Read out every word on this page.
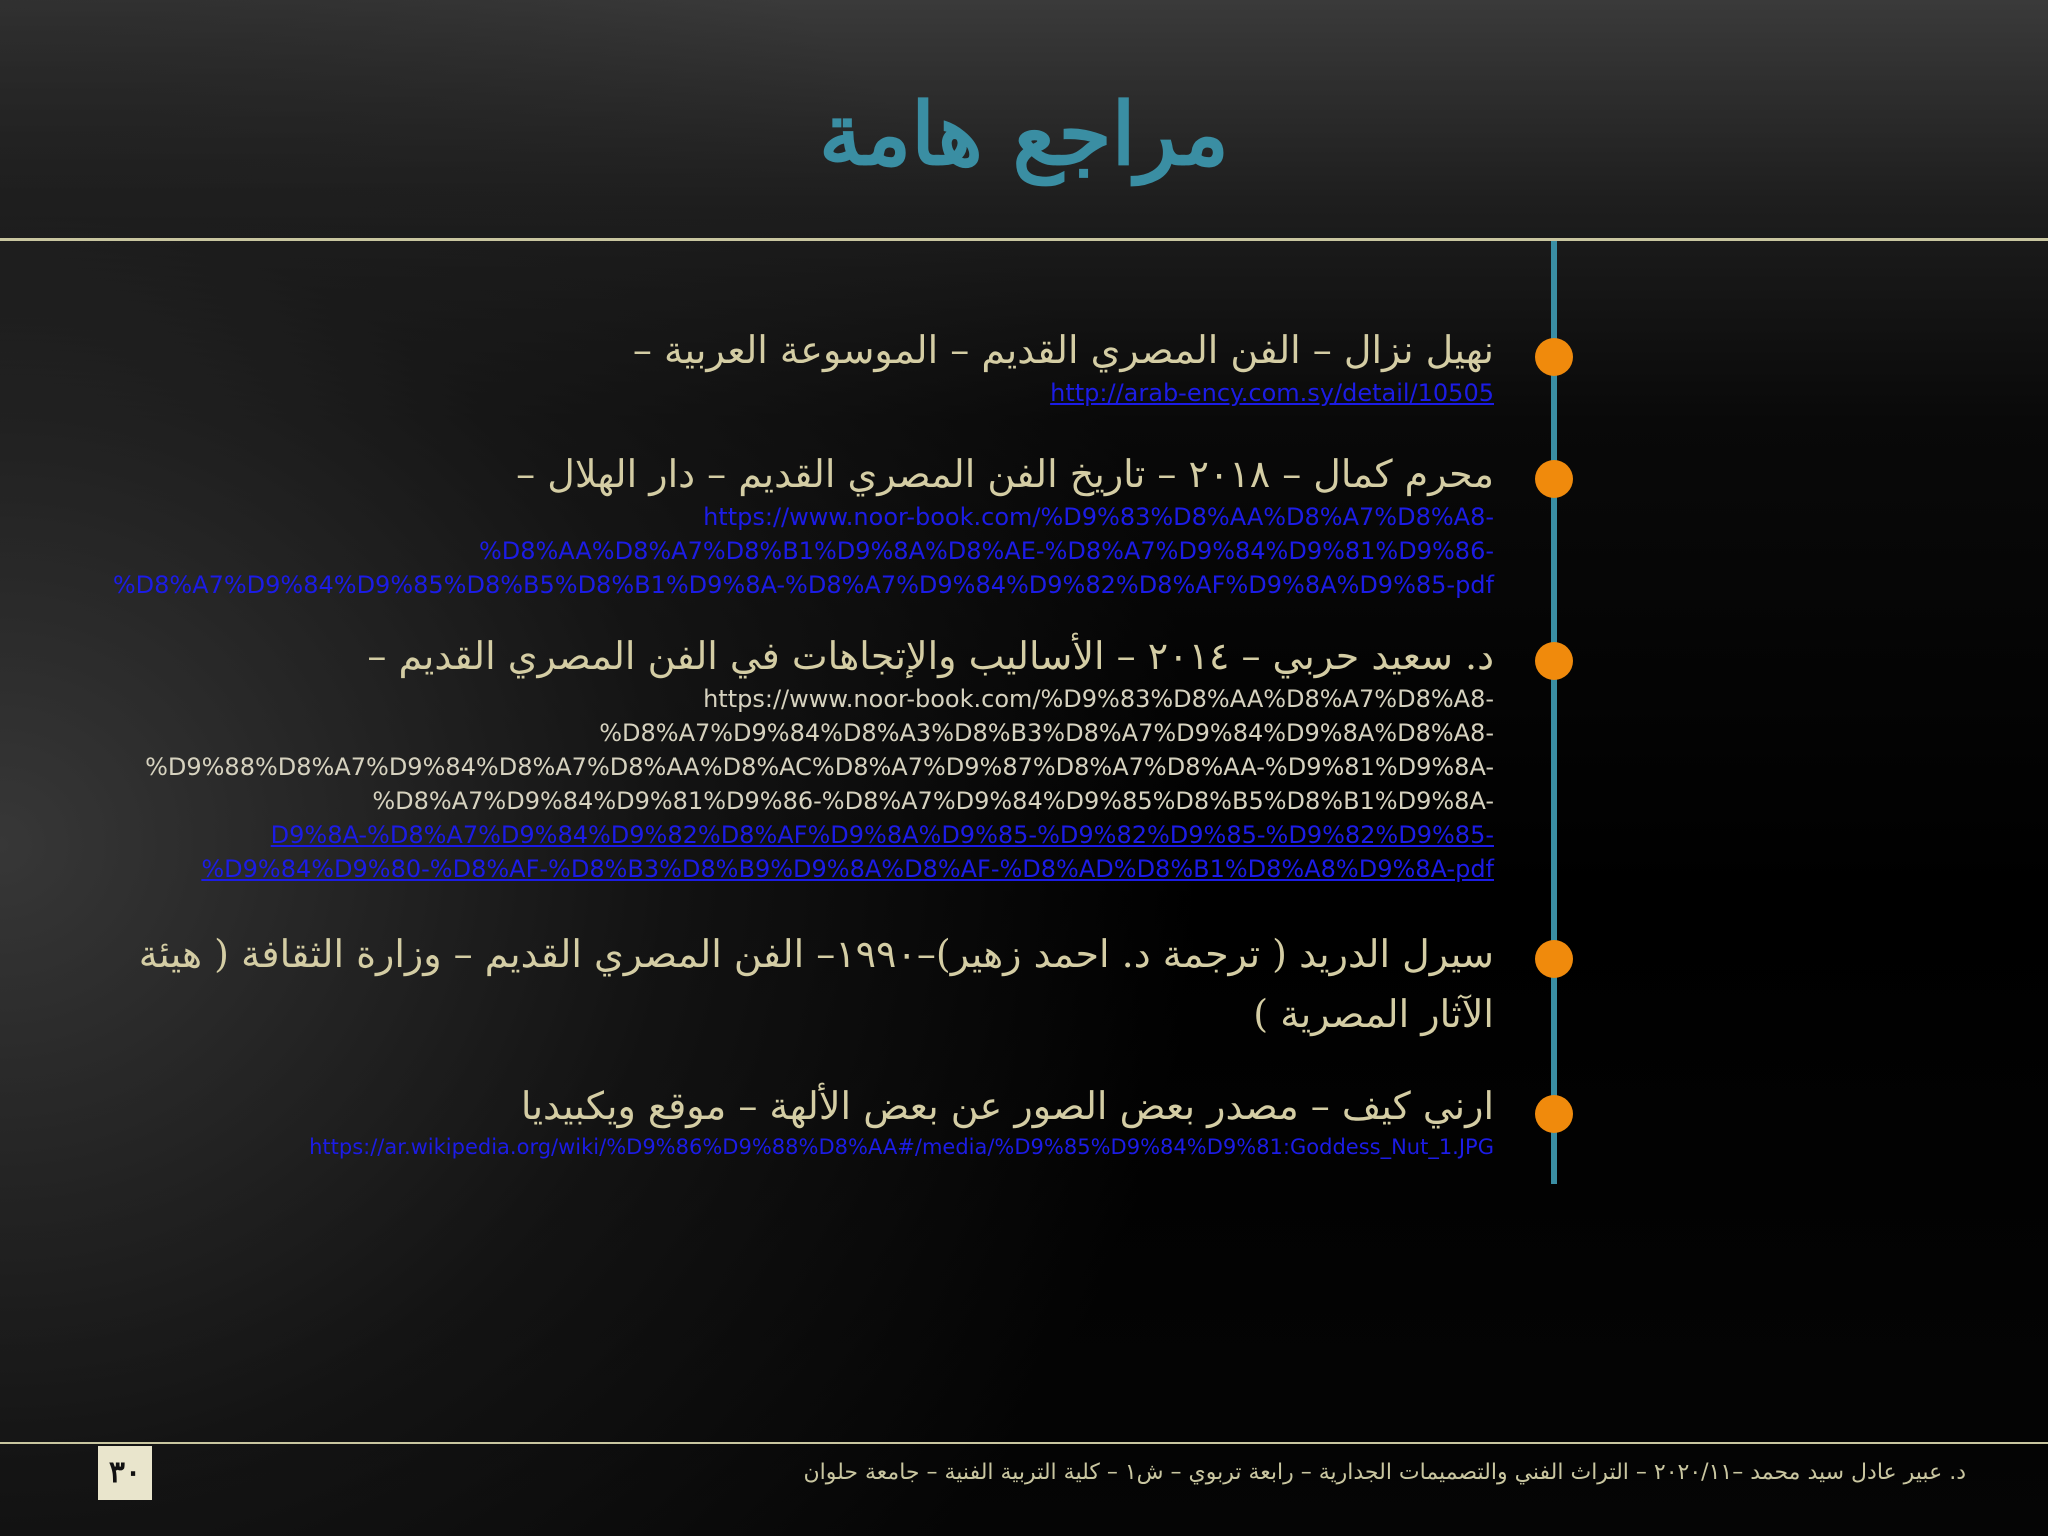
مراجع هامة
نهيل نزال – الفن المصري القديم – الموسوعة العربية –
http://arab-ency.com.sy/detail/10505
محرم كمال – ٢٠١٨ – تاريخ الفن المصري القديم – دار الهلال –
https://www.noor-book.com/%D9%83%D8%AA%D8%A7%D8%A8-
%D8%AA%D8%A7%D8%B1%D9%8A%D8%AE-%D8%A7%D9%84%D9%81%D9%86-
%D8%A7%D9%84%D9%85%D8%B5%D8%B1%D9%8A-%D8%A7%D9%84%D9%82%D8%AF%D9%8A%D9%85-pdf
د. سعيد حربي – ٢٠١٤ – الأساليب والإتجاهات في الفن المصري القديم –
https://www.noor-book.com/%D9%83%D8%AA%D8%A7%D8%A8-
%D8%A7%D9%84%D8%A3%D8%B3%D8%A7%D9%84%D9%8A%D8%A8-
%D9%88%D8%A7%D9%84%D8%A7%D8%AA%D8%AC%D8%A7%D9%87%D8%A7%D8%AA-%D9%81%D9%8A-
%D8%A7%D9%84%D9%81%D9%86-%D8%A7%D9%84%D9%85%D8%B5%D8%B1%D9%8A-
D9%8A-%D8%A7%D9%84%D9%82%D8%AF%D9%8A%D9%85-%D9%82%D9%85-%D9%82%D9%85-
%D9%84%D9%80-%D8%AF-%D8%B3%D8%B9%D9%8A%D8%AF-%D8%AD%D8%B1%D8%A8%D9%8A-pdf
سيرل الدريد ( ترجمة د. احمد زهير)–١٩٩٠– الفن المصري القديم – وزارة الثقافة ( هيئة الآثار المصرية )
ارني كيف – مصدر بعض الصور عن بعض الألهة – موقع ويكبيديا
https://ar.wikipedia.org/wiki/%D9%86%D9%88%D8%AA#/media/%D9%85%D9%84%D9%81:Goddess_Nut_1.JPG
٣٠	د. عبير عادل سيد محمد –٢٠٢٠/١١ – التراث الفني والتصميمات الجدارية – رابعة تربوي – ش١ – كلية التربية الفنية – جامعة حلوان
